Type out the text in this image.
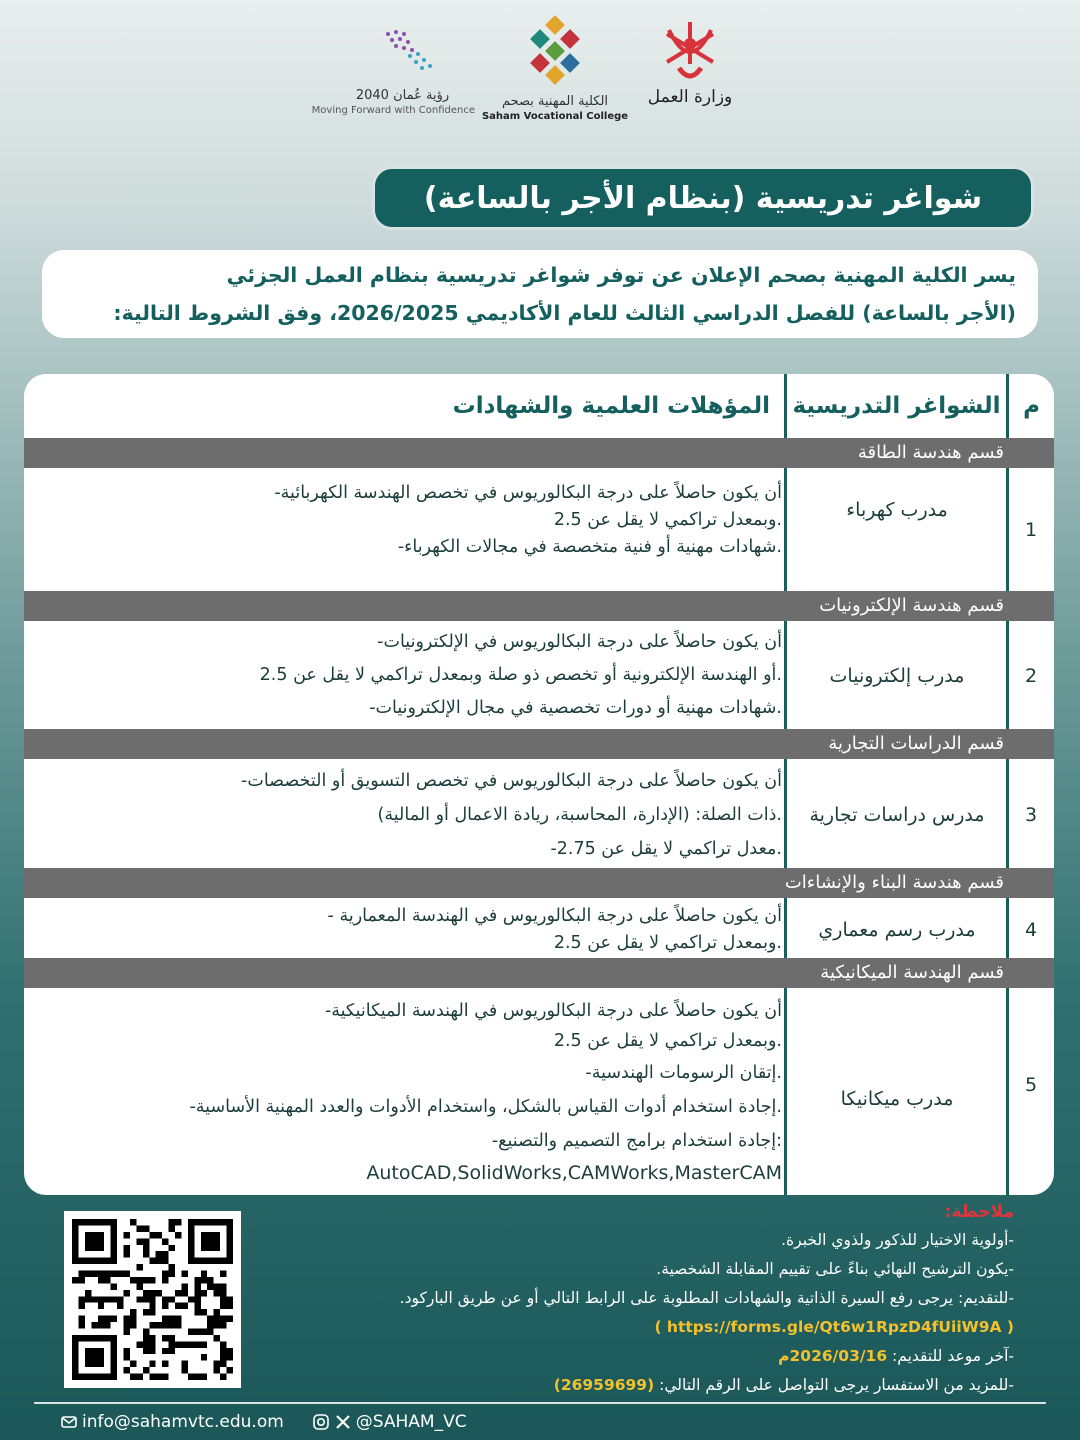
وزارة العمل
الكلية المهنية بصحم
Saham Vocational College
رؤية عُمان 2040
Moving Forward with Confidence
شواغر تدريسية (بنظام الأجر بالساعة)
يسر الكلية المهنية بصحم الإعلان عن توفر شواغر تدريسية بنظام العمل الجزئي
(الأجر بالساعة) للفصل الدراسي الثالث للعام الأكاديمي 2026/2025، وفق الشروط التالية:
م
الشواغر التدريسية
المؤهلات العلمية والشهادات
قسم هندسة الطاقة
1
مدرب كهرباء
-أن يكون حاصلاً على درجة البكالوريوس في تخصص الهندسة الكهربائية
وبمعدل تراكمي لا يقل عن 2.5.
-شهادات مهنية أو فنية متخصصة في مجالات الكهرباء.
قسم هندسة الإلكترونيات
2
مدرب إلكترونيات
-أن يكون حاصلاً على درجة البكالوريوس في الإلكترونيات
أو الهندسة الإلكترونية أو تخصص ذو صلة وبمعدل تراكمي لا يقل عن 2.5.
-شهادات مهنية أو دورات تخصصية في مجال الإلكترونيات.
قسم الدراسات التجارية
3
مدرس دراسات تجارية
-أن يكون حاصلاً على درجة البكالوريوس في تخصص التسويق أو التخصصات
ذات الصلة: (الإدارة، المحاسبة، ريادة الاعمال أو المالية).
-معدل تراكمي لا يقل عن 2.75.
قسم هندسة البناء والإنشاءات
4
مدرب رسم معماري
- أن يكون حاصلاً على درجة البكالوريوس في الهندسة المعمارية
وبمعدل تراكمي لا يقل عن 2.5.
قسم الهندسة الميكانيكية
5
مدرب ميكانيكا
-أن يكون حاصلاً على درجة البكالوريوس في الهندسة الميكانيكية
وبمعدل تراكمي لا يقل عن 2.5.
-إتقان الرسومات الهندسية.
-إجادة استخدام أدوات القياس بالشكل، واستخدام الأدوات والعدد المهنية الأساسية.
-إجادة استخدام برامج التصميم والتصنيع:
AutoCAD,SolidWorks,CAMWorks,MasterCAM
ملاحظة:
-أولوية الاختيار للذكور ولذوي الخبرة.
-يكون الترشيح النهائي بناءً على تقييم المقابلة الشخصية.
-للتقديم: يرجى رفع السيرة الذاتية والشهادات المطلوبة على الرابط التالي أو عن طريق الباركود.
( https://forms.gle/Qt6w1RpzD4fUiiW9A )
-آخر موعد للتقديم: 2026/03/16م
-للمزيد من الاستفسار يرجى التواصل على الرقم التالي: (26959699)
info@sahamvtc.edu.om	@SAHAM_VC
